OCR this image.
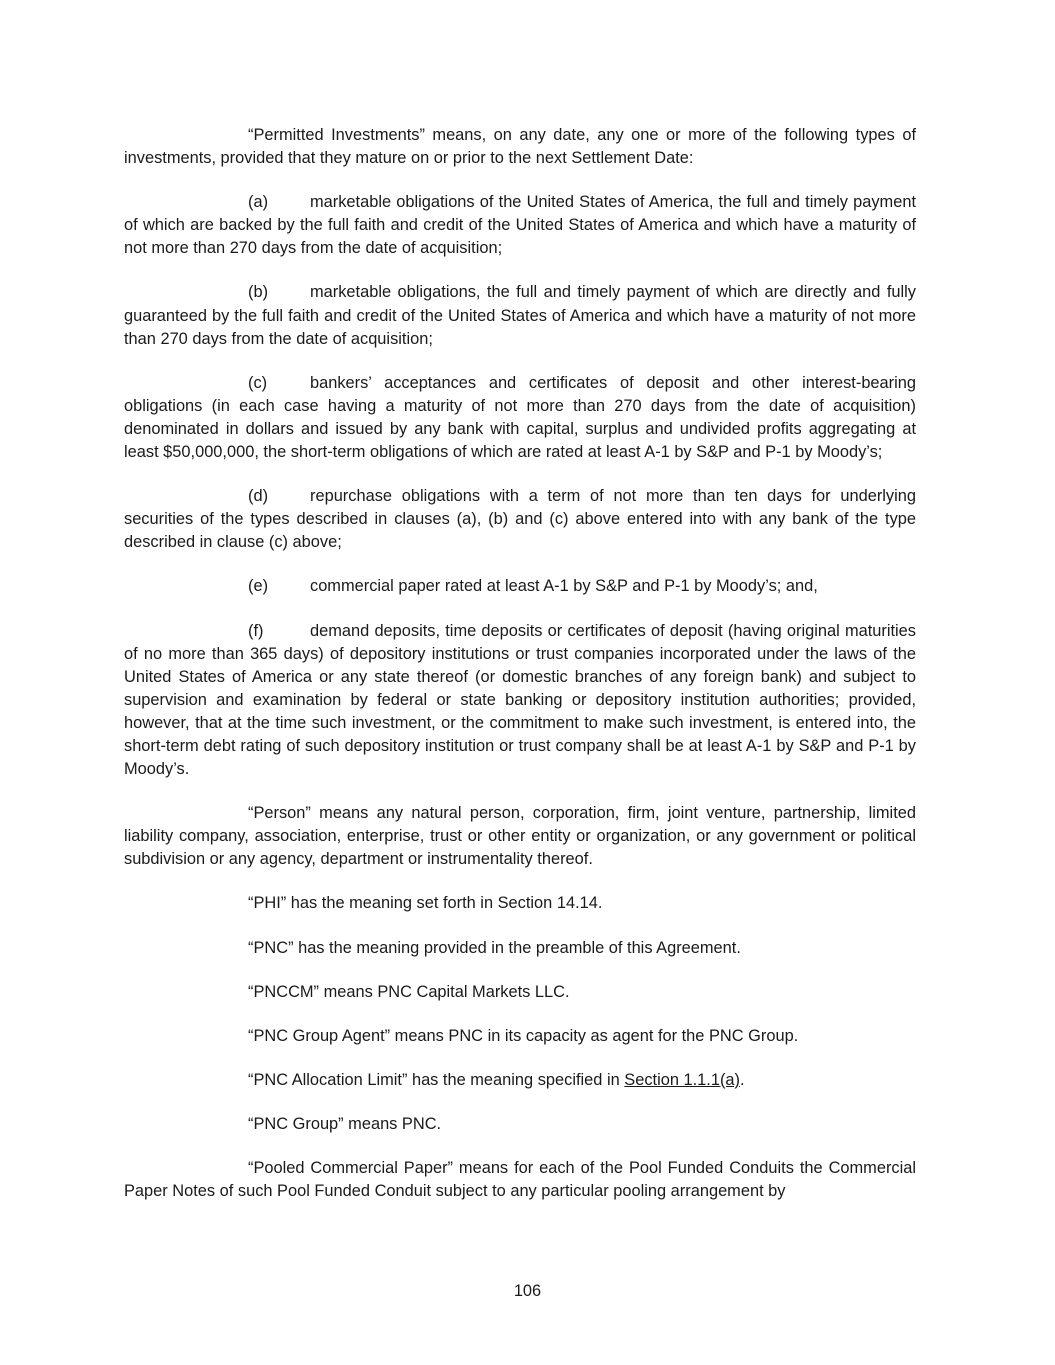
“Permitted Investments” means, on any date, any one or more of the following types of investments, provided that they mature on or prior to the next Settlement Date:

(a)	marketable obligations of the United States of America, the full and timely payment of which are backed by the full faith and credit of the United States of America and which have a maturity of not more than 270 days from the date of acquisition;

(b)	marketable obligations, the full and timely payment of which are directly and fully guaranteed by the full faith and credit of the United States of America and which have a maturity of not more than 270 days from the date of acquisition;

(c)	bankers’ acceptances and certificates of deposit and other interest-bearing obligations (in each case having a maturity of not more than 270 days from the date of acquisition) denominated in dollars and issued by any bank with capital, surplus and undivided profits aggregating at least $50,000,000, the short-term obligations of which are rated at least A-1 by S&P and P-1 by Moody’s;

(d)	repurchase obligations with a term of not more than ten days for underlying securities of the types described in clauses (a), (b) and (c) above entered into with any bank of the type described in clause (c) above;

(e)	commercial paper rated at least A-1 by S&P and P-1 by Moody’s; and,

(f)	demand deposits, time deposits or certificates of deposit (having original maturities of no more than 365 days) of depository institutions or trust companies incorporated under the laws of the United States of America or any state thereof (or domestic branches of any foreign bank) and subject to supervision and examination by federal or state banking or depository institution authorities; provided, however, that at the time such investment, or the commitment to make such investment, is entered into, the short-term debt rating of such depository institution or trust company shall be at least A-1 by S&P and P-1 by Moody’s.

“Person” means any natural person, corporation, firm, joint venture, partnership, limited liability company, association, enterprise, trust or other entity or organization, or any government or political subdivision or any agency, department or instrumentality thereof.

“PHI” has the meaning set forth in Section 14.14.

“PNC” has the meaning provided in the preamble of this Agreement.

“PNCCM” means PNC Capital Markets LLC.

“PNC Group Agent” means PNC in its capacity as agent for the PNC Group.

“PNC Allocation Limit” has the meaning specified in Section 1.1.1(a).

“PNC Group” means PNC.

“Pooled Commercial Paper” means for each of the Pool Funded Conduits the Commercial Paper Notes of such Pool Funded Conduit subject to any particular pooling arrangement by

106
